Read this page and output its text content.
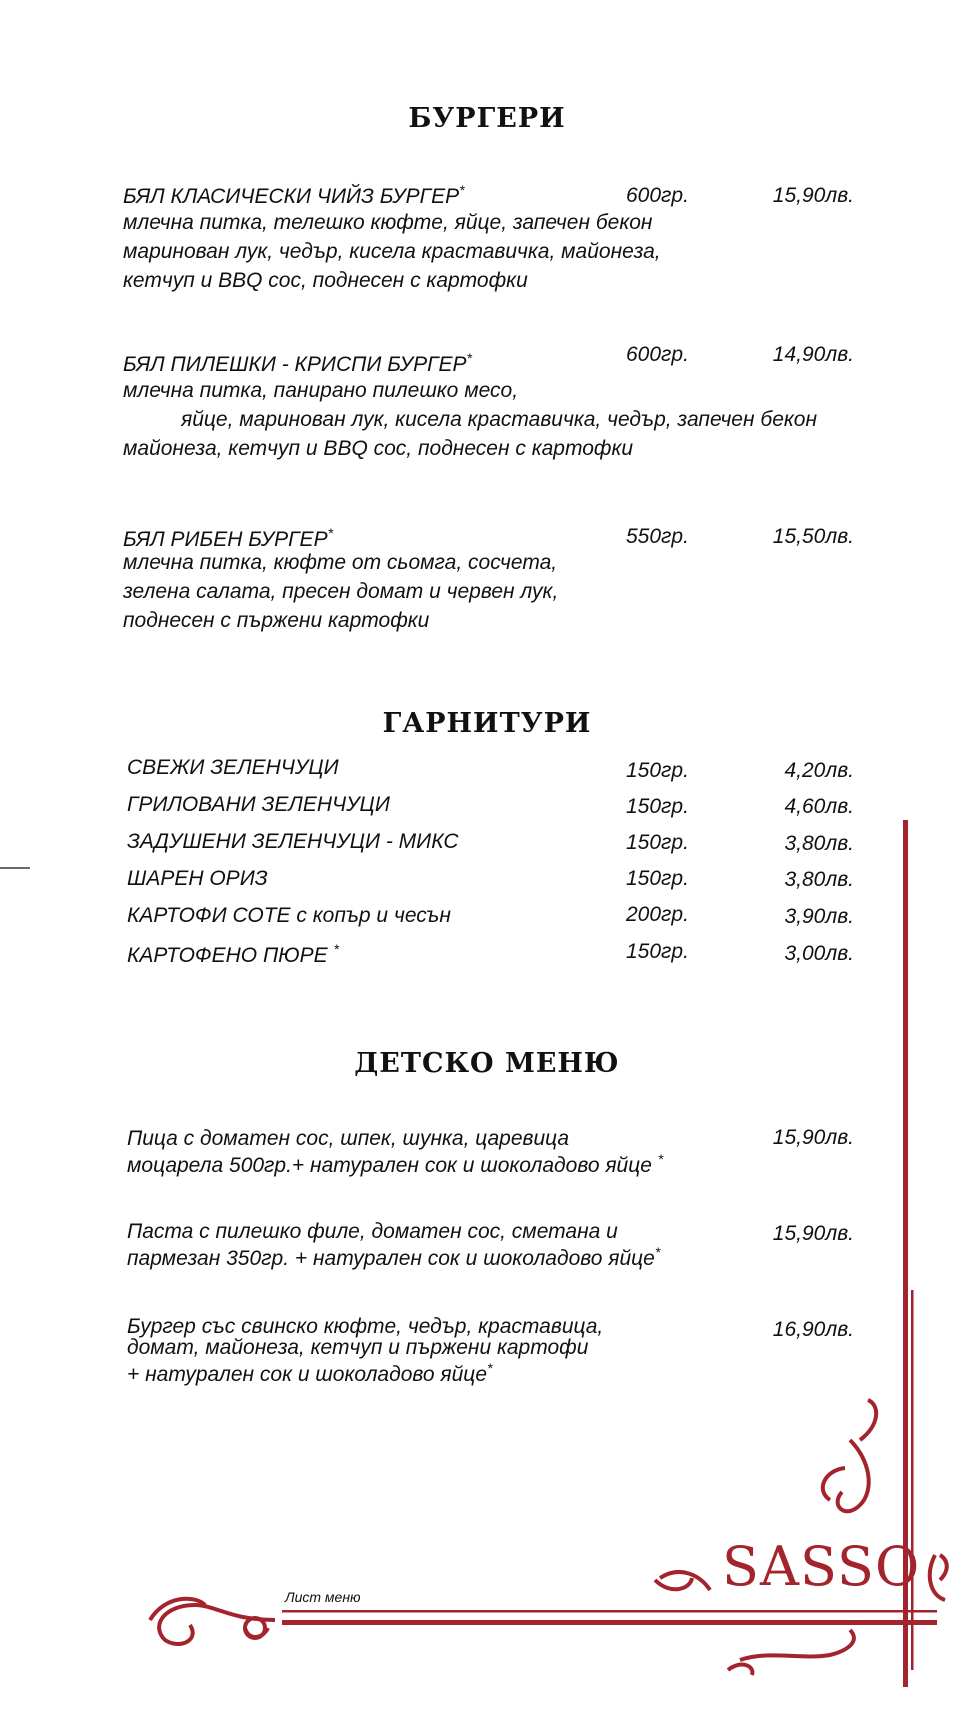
БУРГЕРИ
БЯЛ КЛАСИЧЕСКИ ЧИЙЗ БУРГЕР*	600гр.	15,90лв.
млечна питка, телешко кюфте, яйце, запечен бекон
маринован лук, чедър, кисела краставичка, майонеза,
кетчуп и BBQ сос, поднесен с картофки
БЯЛ ПИЛЕШКИ - КРИСПИ БУРГЕР*	600гр.	14,90лв.
млечна питка, панирано пилешко месо,
яйце, маринован лук, кисела краставичка, чедър, запечен бекон
майонеза, кетчуп и BBQ сос, поднесен с картофки
БЯЛ РИБЕН БУРГЕР*	550гр.	15,50лв.
млечна питка, кюфте от сьомга, сосчета,
зелена салата, пресен домат и червен лук,
поднесен с пържени картофки
ГАРНИТУРИ
СВЕЖИ ЗЕЛЕНЧУЦИ	150гр.	4,20лв.
ГРИЛОВАНИ ЗЕЛЕНЧУЦИ	150гр.	4,60лв.
ЗАДУШЕНИ ЗЕЛЕНЧУЦИ - МИКС	150гр.	3,80лв.
ШАРЕН ОРИЗ	150гр.	3,80лв.
КАРТОФИ СОТЕ с копър и чесън	200гр.	3,90лв.
КАРТОФЕНО ПЮРЕ *	150гр.	3,00лв.
ДЕТСКО МЕНЮ
Пица с доматен сос, шпек, шунка, царевица
моцарела 500гр.+ натурален сок и шоколадово яйце *
15,90лв.
Паста с пилешко филе, доматен сос, сметана и
пармезан 350гр. + натурален сок и шоколадово яйце*
15,90лв.
Бургер със свинско кюфте, чедър, краставица,
домат, майонеза, кетчуп и пържени картофи
+ натурален сок и шоколадово яйце*
16,90лв.
SASSO
Лист меню
